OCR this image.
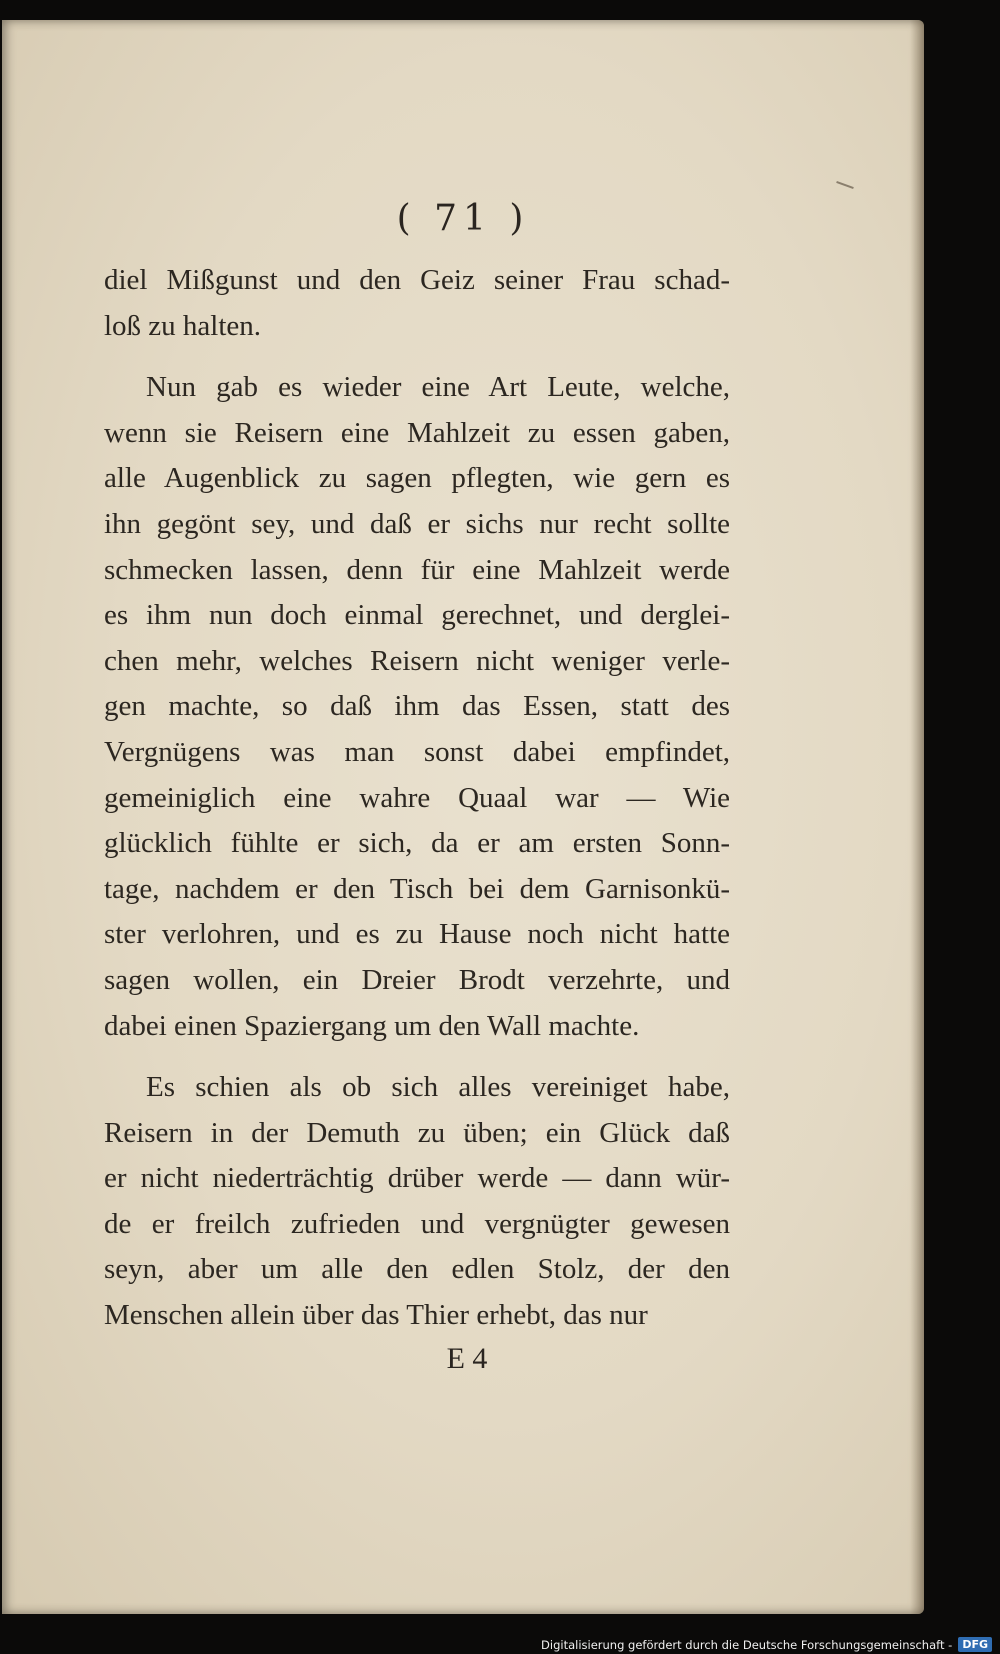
( 71 )
diel Mißgunst und den Geiz seiner Frau schad-
loß zu halten.
Nun gab es wieder eine Art Leute, welche,
wenn sie Reisern eine Mahlzeit zu essen gaben,
alle Augenblick zu sagen pflegten, wie gern es
ihn gegönt sey, und daß er sichs nur recht sollte
schmecken lassen, denn für eine Mahlzeit werde
es ihm nun doch einmal gerechnet, und derglei-
chen mehr, welches Reisern nicht weniger verle-
gen machte, so daß ihm das Essen, statt des
Vergnügens was man sonst dabei empfindet,
gemeiniglich eine wahre Quaal war — Wie
glücklich fühlte er sich, da er am ersten Sonn-
tage, nachdem er den Tisch bei dem Garnisonkü-
ster verlohren, und es zu Hause noch nicht hatte
sagen wollen, ein Dreier Brodt verzehrte, und
dabei einen Spaziergang um den Wall machte.
Es schien als ob sich alles vereiniget habe,
Reisern in der Demuth zu üben; ein Glück daß
er nicht niederträchtig drüber werde — dann wür-
de er freilch zufrieden und vergnügter gewesen
seyn, aber um alle den edlen Stolz, der den
Menschen allein über das Thier erhebt, das nur
E 4
Digitalisierung gefördert durch die Deutsche Forschungsgemeinschaft - DFG
